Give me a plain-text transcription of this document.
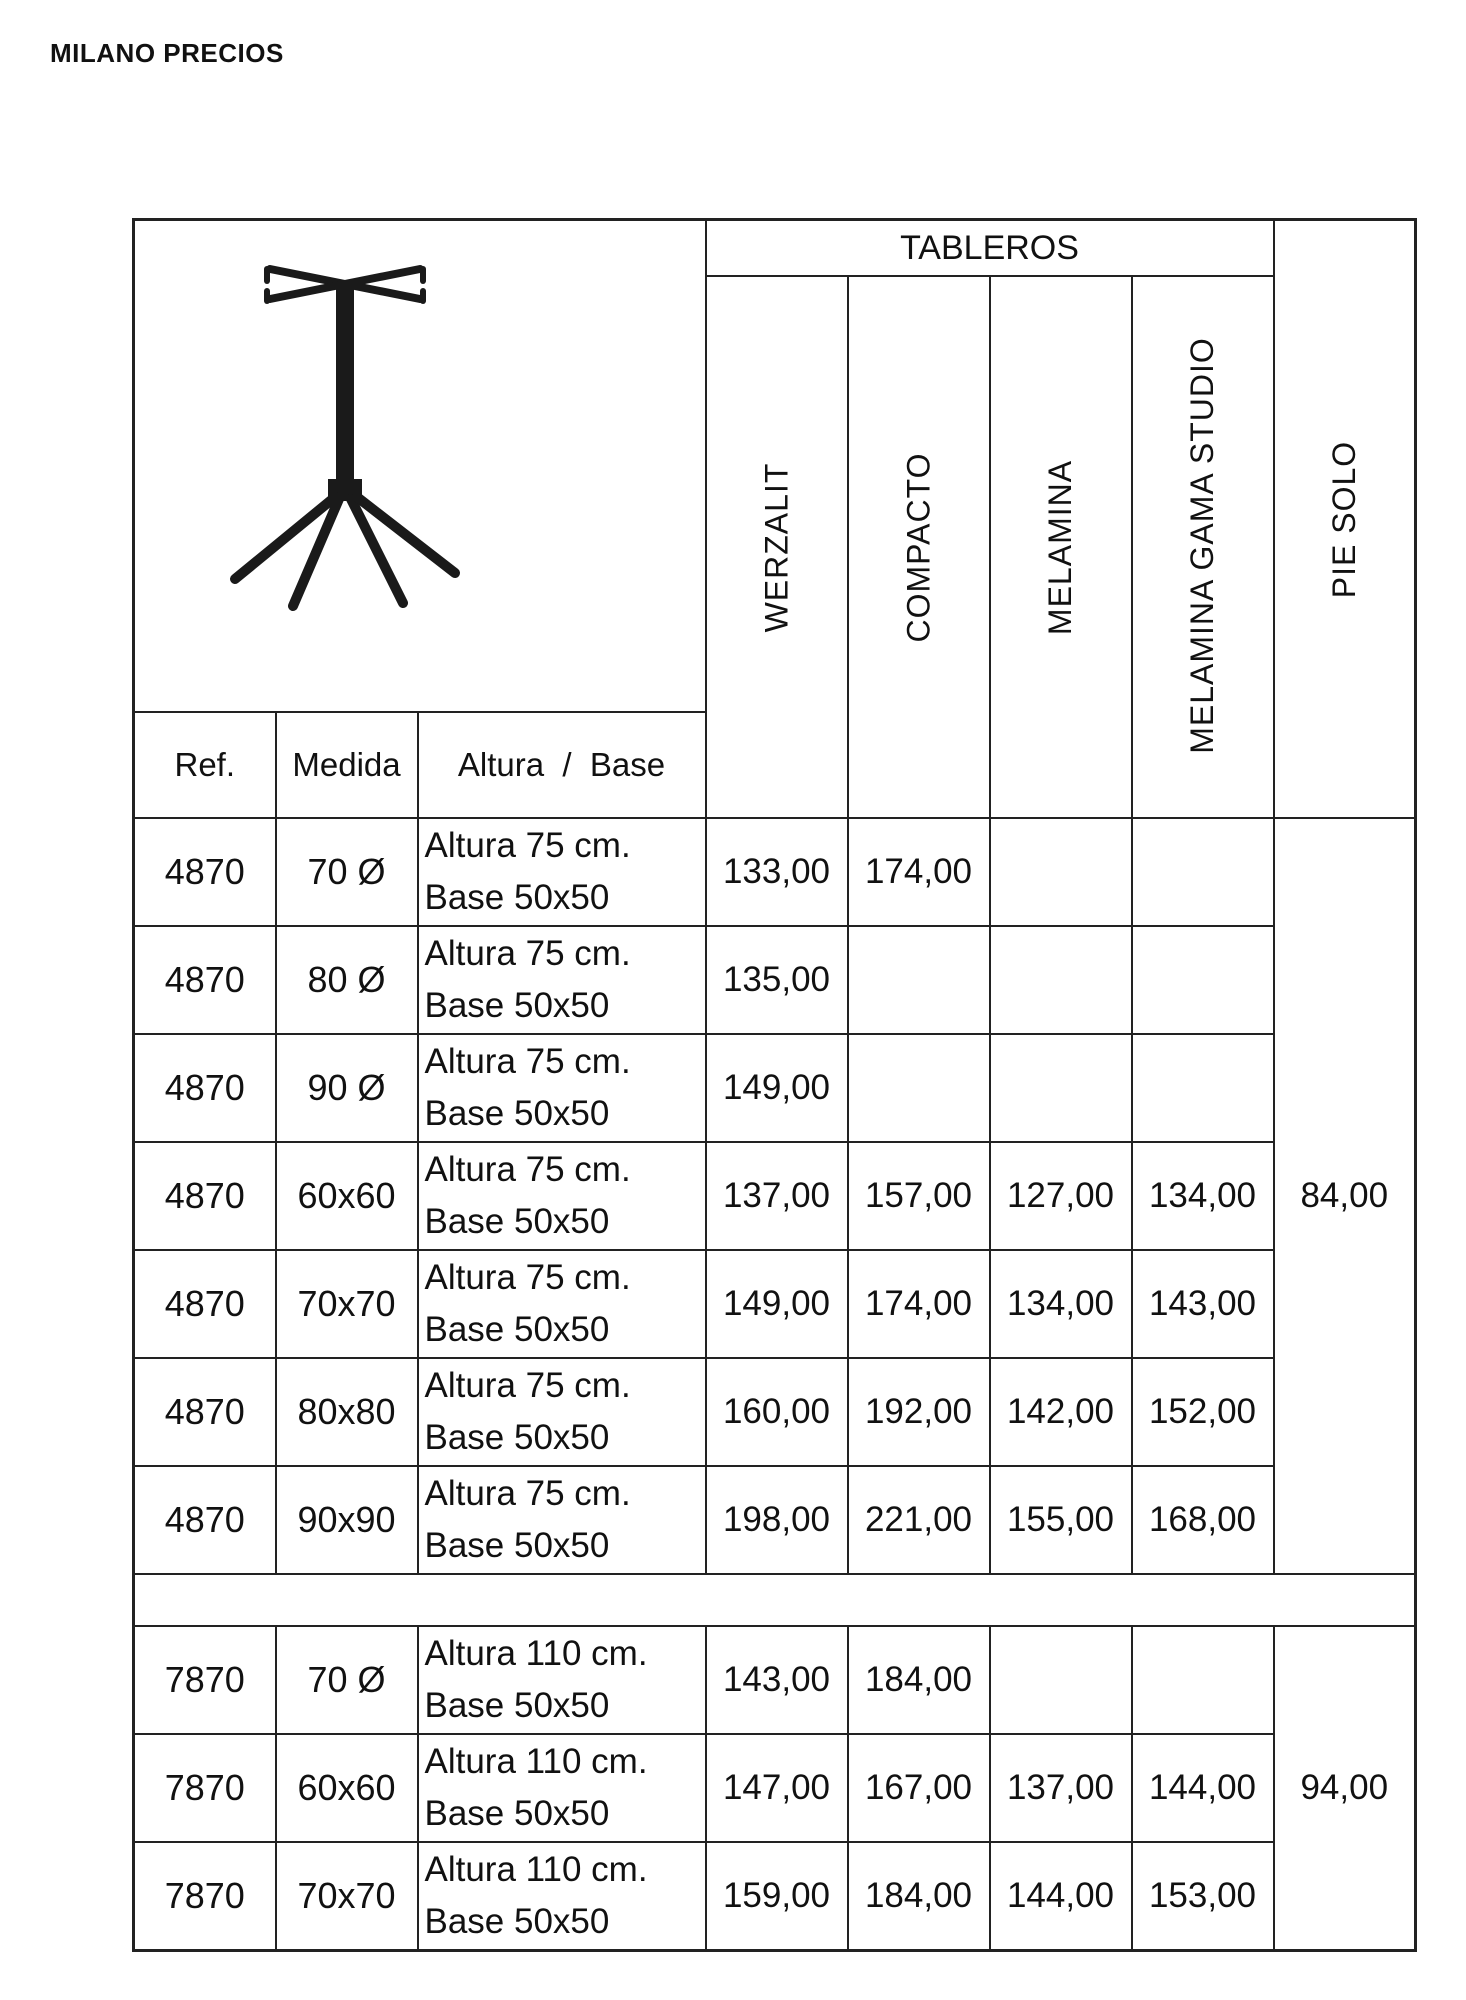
MILANO PRECIOS
	TABLEROS				PIE SOLO

			WERZALIT	COMPACTO	MELAMINA	MELAMINA GAMA STUDIO	

Ref.	Medida	Altura  /  Base					
4870	70 Ø	Altura 75 cm.
Base 50x50	133,00	174,00			84,00
4870	80 Ø	Altura 75 cm.
Base 50x50	135,00				
4870	90 Ø	Altura 75 cm.
Base 50x50	149,00				
4870	60x60	Altura 75 cm.
Base 50x50	137,00	157,00	127,00	134,00	
4870	70x70	Altura 75 cm.
Base 50x50	149,00	174,00	134,00	143,00	
4870	80x80	Altura 75 cm.
Base 50x50	160,00	192,00	142,00	152,00	
4870	90x90	Altura 75 cm.
Base 50x50	198,00	221,00	155,00	168,00	

7870	70 Ø	Altura 110 cm.
Base 50x50	143,00	184,00			94,00
7870	60x60	Altura 110 cm.
Base 50x50	147,00	167,00	137,00	144,00	
7870	70x70	Altura 110 cm.
Base 50x50	159,00	184,00	144,00	153,00	
